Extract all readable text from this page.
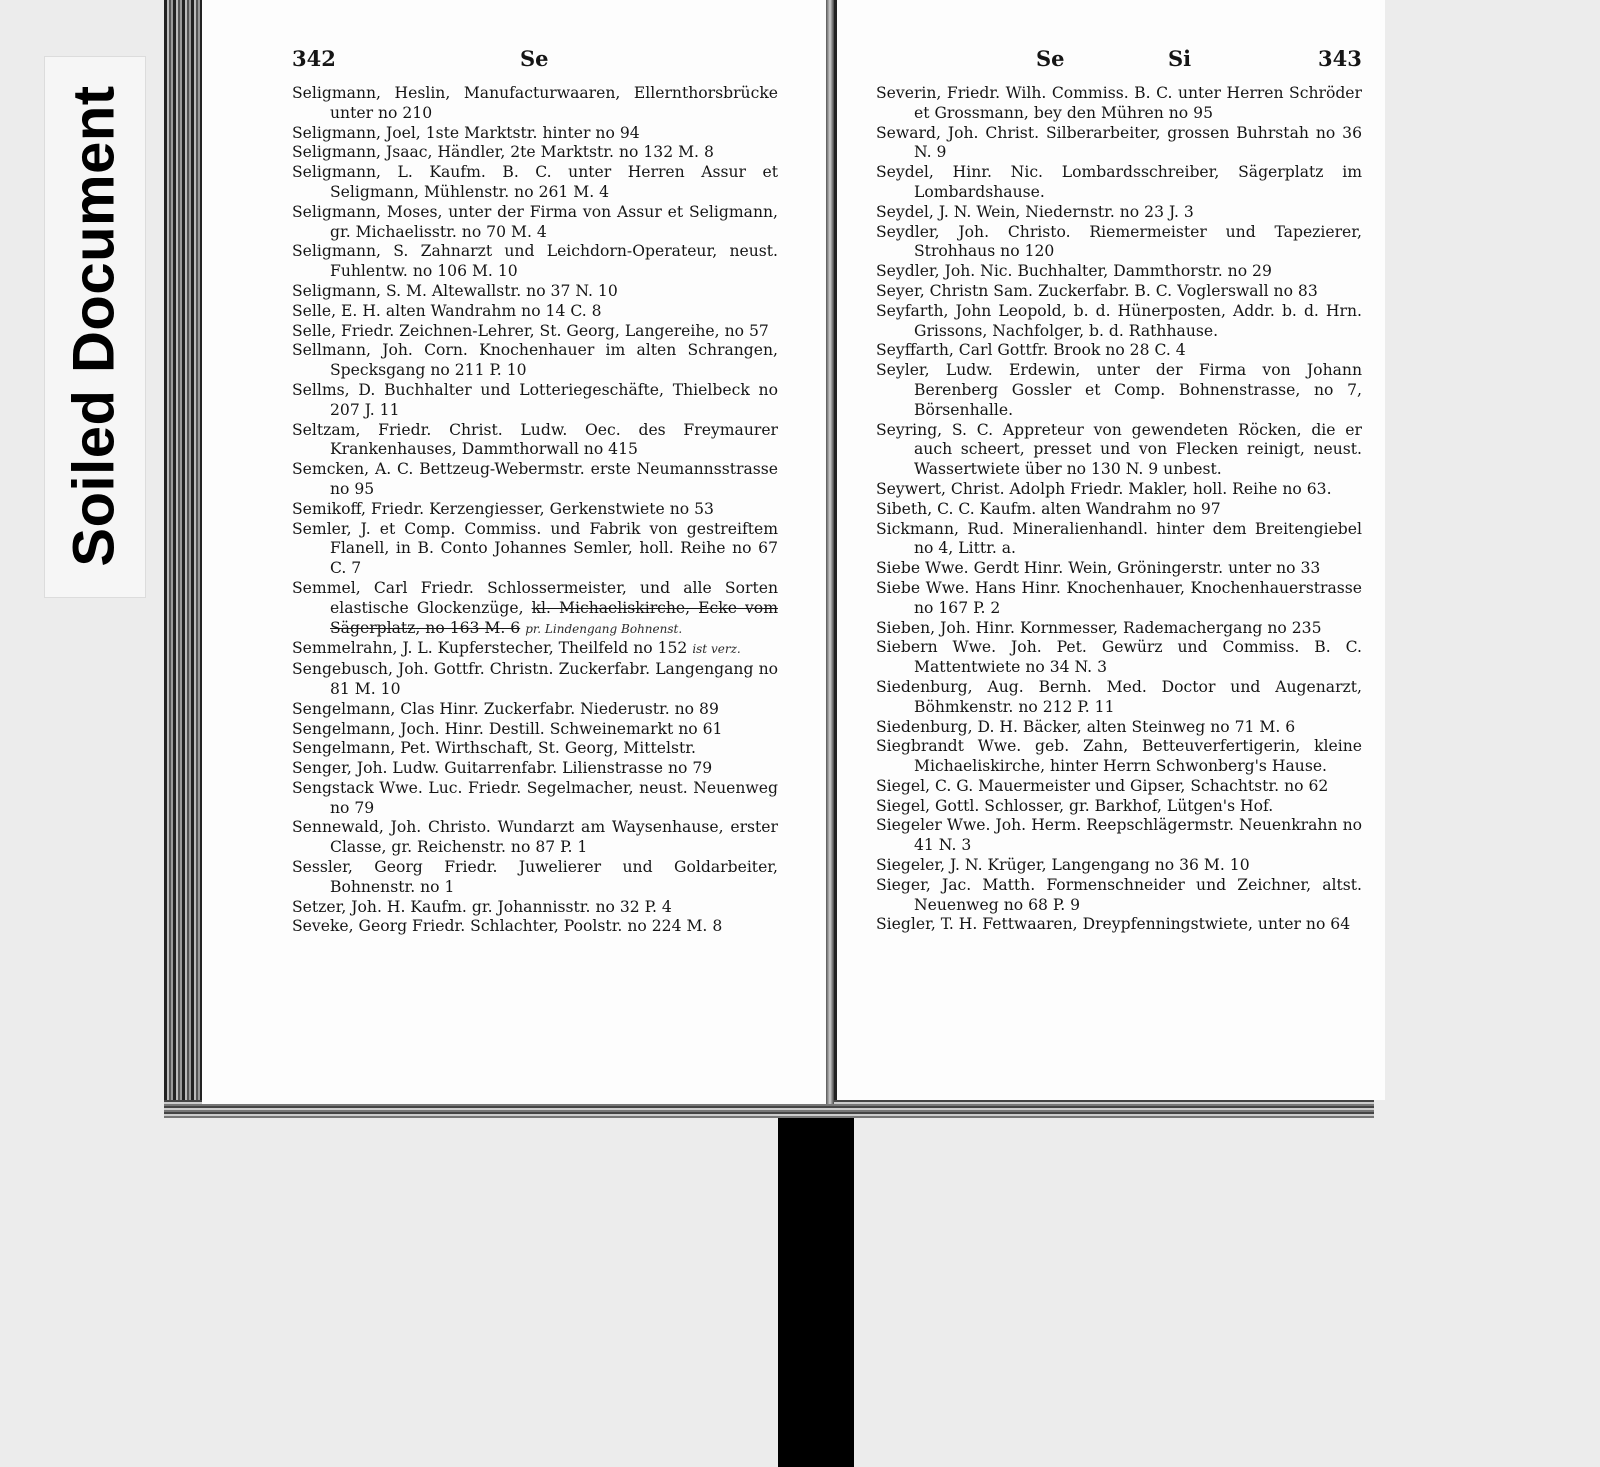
Soiled Document
342	Se	Se	Si	343
Seligmann, Heslin, Manufacturwaaren, Ellernthorsbrücke unter no 210
Seligmann, Joel, 1ste Marktstr. hinter no 94
Seligmann, Jsaac, Händler, 2te Marktstr. no 132 M. 8
Seligmann, L. Kaufm. B. C. unter Herren Assur et Seligmann, Mühlenstr. no 261 M. 4
Seligmann, Moses, unter der Firma von Assur et Seligmann, gr. Michaelisstr. no 70 M. 4
Seligmann, S. Zahnarzt und Leichdorn-Operateur, neust. Fuhlentw. no 106 M. 10
Seligmann, S. M. Altewallstr. no 37 N. 10
Selle, E. H. alten Wandrahm no 14 C. 8
Selle, Friedr. Zeichnen-Lehrer, St. Georg, Langereihe, no 57
Sellmann, Joh. Corn. Knochenhauer im alten Schrangen, Specksgang no 211 P. 10
Sellms, D. Buchhalter und Lotteriegeschäfte, Thielbeck no 207 J. 11
Seltzam, Friedr. Christ. Ludw. Oec. des Freymaurer Krankenhauses, Dammthorwall no 415
Semcken, A. C. Bettzeug-Webermstr. erste Neumannsstrasse no 95
Semikoff, Friedr. Kerzengiesser, Gerkenstwiete no 53
Semler, J. et Comp. Commiss. und Fabrik von gestreiftem Flanell, in B. Conto Johannes Semler, holl. Reihe no 67 C. 7
Semmel, Carl Friedr. Schlossermeister, und alle Sorten elastische Glockenzüge, kl. Michaeliskirche, Ecke vom Sägerplatz, no 163 M. 6 pr. Lindengang Bohnenst.
Semmelrahn, J. L. Kupferstecher, Theilfeld no 152 ist verz.
Sengebusch, Joh. Gottfr. Christn. Zuckerfabr. Langengang no 81 M. 10
Sengelmann, Clas Hinr. Zuckerfabr. Niederustr. no 89
Sengelmann, Joch. Hinr. Destill. Schweinemarkt no 61
Sengelmann, Pet. Wirthschaft, St. Georg, Mittelstr.
Senger, Joh. Ludw. Guitarrenfabr. Lilienstrasse no 79
Sengstack Wwe. Luc. Friedr. Segelmacher, neust. Neuenweg no 79
Sennewald, Joh. Christo. Wundarzt am Waysenhause, erster Classe, gr. Reichenstr. no 87 P. 1
Sessler, Georg Friedr. Juwelierer und Goldarbeiter, Bohnenstr. no 1
Setzer, Joh. H. Kaufm. gr. Johannisstr. no 32 P. 4
Seveke, Georg Friedr. Schlachter, Poolstr. no 224 M. 8
Severin, Friedr. Wilh. Commiss. B. C. unter Herren Schröder et Grossmann, bey den Mühren no 95
Seward, Joh. Christ. Silberarbeiter, grossen Buhrstah no 36 N. 9
Seydel, Hinr. Nic. Lombardsschreiber, Sägerplatz im Lombardshause.
Seydel, J. N. Wein, Niedernstr. no 23 J. 3
Seydler, Joh. Christo. Riemermeister und Tapezierer, Strohhaus no 120
Seydler, Joh. Nic. Buchhalter, Dammthorstr. no 29
Seyer, Christn Sam. Zuckerfabr. B. C. Voglerswall no 83
Seyfarth, John Leopold, b. d. Hünerposten, Addr. b. d. Hrn. Grissons, Nachfolger, b. d. Rathhause.
Seyffarth, Carl Gottfr. Brook no 28 C. 4
Seyler, Ludw. Erdewin, unter der Firma von Johann Berenberg Gossler et Comp. Bohnenstrasse, no 7, Börsenhalle.
Seyring, S. C. Appreteur von gewendeten Röcken, die er auch scheert, presset und von Flecken reinigt, neust. Wassertwiete über no 130 N. 9 unbest.
Seywert, Christ. Adolph Friedr. Makler, holl. Reihe no 63.
Sibeth, C. C. Kaufm. alten Wandrahm no 97
Sickmann, Rud. Mineralienhandl. hinter dem Breitengiebel no 4, Littr. a.
Siebe Wwe. Gerdt Hinr. Wein, Gröningerstr. unter no 33
Siebe Wwe. Hans Hinr. Knochenhauer, Knochenhauerstrasse no 167 P. 2
Sieben, Joh. Hinr. Kornmesser, Rademachergang no 235
Siebern Wwe. Joh. Pet. Gewürz und Commiss. B. C. Mattentwiete no 34 N. 3
Siedenburg, Aug. Bernh. Med. Doctor und Augenarzt, Böhmkenstr. no 212 P. 11
Siedenburg, D. H. Bäcker, alten Steinweg no 71 M. 6
Siegbrandt Wwe. geb. Zahn, Betteuverfertigerin, kleine Michaeliskirche, hinter Herrn Schwonberg's Hause.
Siegel, C. G. Mauermeister und Gipser, Schachtstr. no 62
Siegel, Gottl. Schlosser, gr. Barkhof, Lütgen's Hof.
Siegeler Wwe. Joh. Herm. Reepschlägermstr. Neuenkrahn no 41 N. 3
Siegeler, J. N. Krüger, Langengang no 36 M. 10
Sieger, Jac. Matth. Formenschneider und Zeichner, altst. Neuenweg no 68 P. 9
Siegler, T. H. Fettwaaren, Dreypfenningstwiete, unter no 64
